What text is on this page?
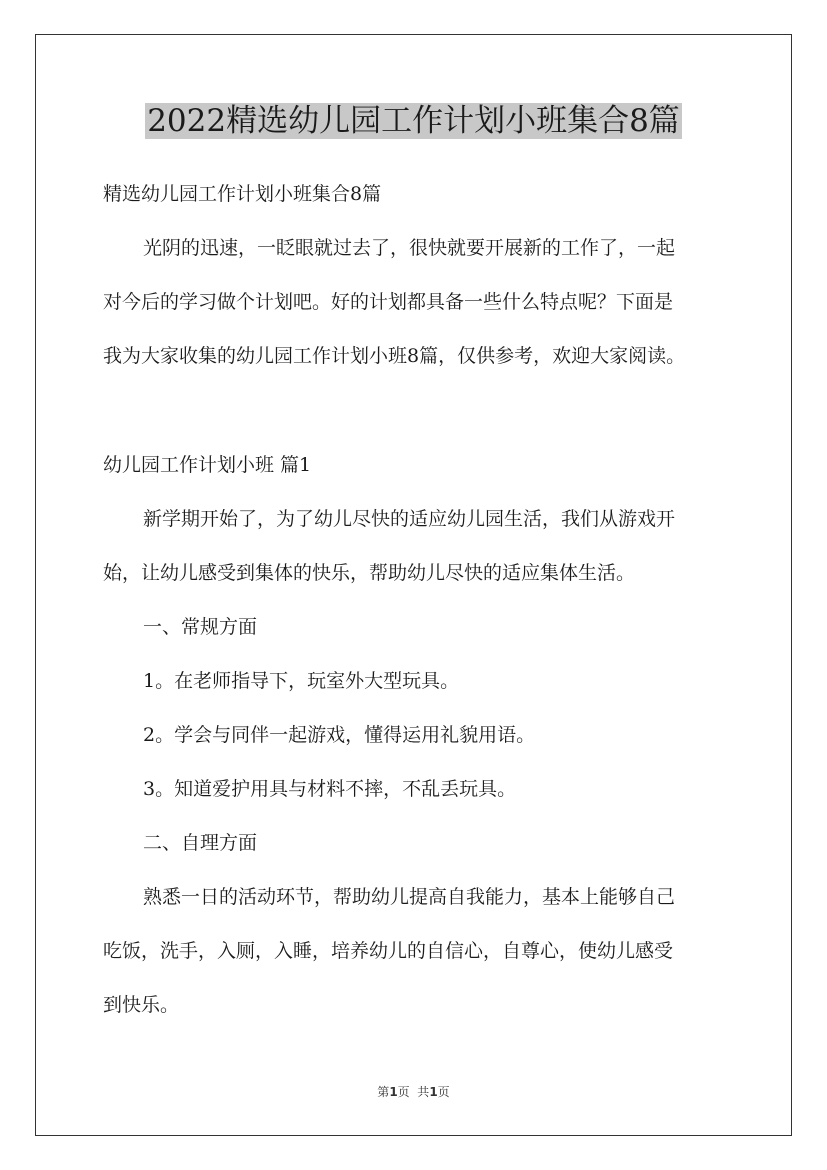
2022精选幼儿园工作计划小班集合8篇

精选幼儿园工作计划小班集合8篇

光阴的迅速，一眨眼就过去了，很快就要开展新的工作了，一起

对今后的学习做个计划吧。好的计划都具备一些什么特点呢？下面是

我为大家收集的幼儿园工作计划小班8篇，仅供参考，欢迎大家阅读。

幼儿园工作计划小班 篇1

新学期开始了，为了幼儿尽快的适应幼儿园生活，我们从游戏开

始，让幼儿感受到集体的快乐，帮助幼儿尽快的适应集体生活。

一、常规方面

1。在老师指导下，玩室外大型玩具。

2。学会与同伴一起游戏，懂得运用礼貌用语。

3。知道爱护用具与材料不摔，不乱丢玩具。

二、自理方面

熟悉一日的活动环节，帮助幼儿提高自我能力，基本上能够自己

吃饭，洗手，入厕，入睡，培养幼儿的自信心，自尊心，使幼儿感受

到快乐。

第1页  共1页
